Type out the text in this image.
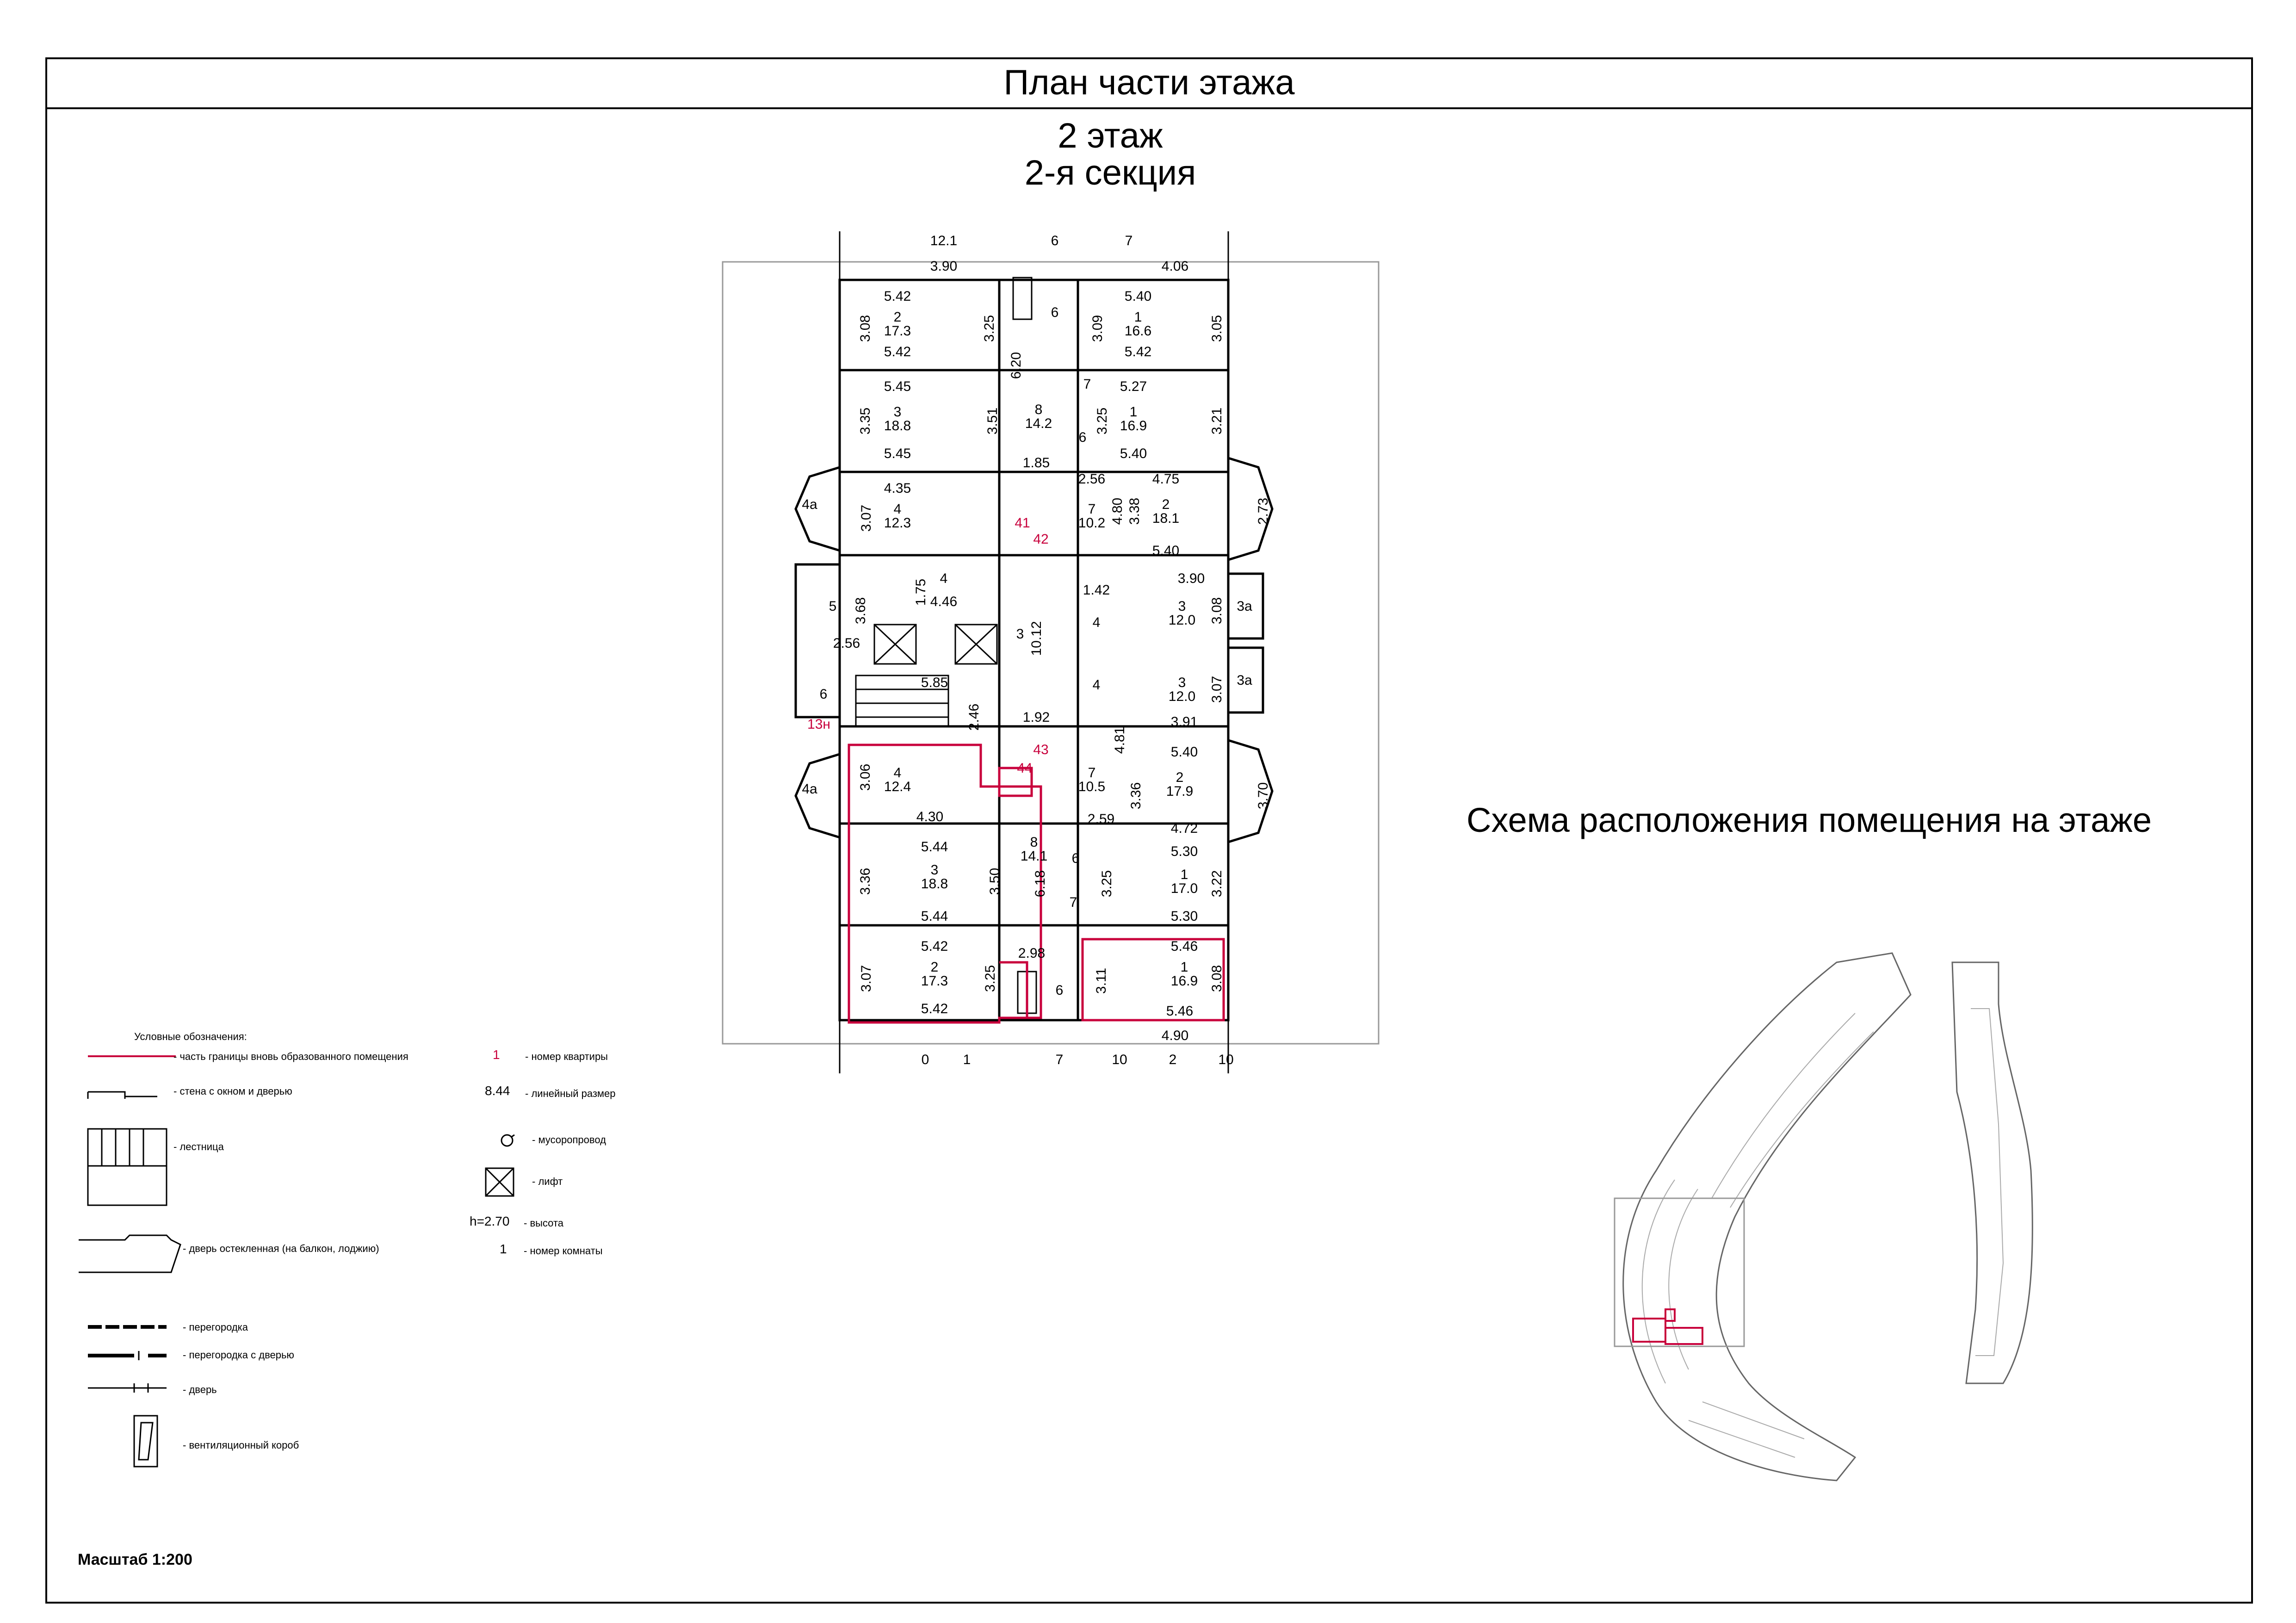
План части этажа
2 этаж
2-я секция
12.1	6	7
3.90	4.06
5.42
2
17.3
5.42
5.40
1
16.6
5.42
5.45
3
18.8
5.45
8
14.2
1.85
5.27
1
16.9
5.40
4.35
4
12.3
2.56
7
10.2
4.75
2
18.1
5.40
4
4.46
3
5
2.56
3.90
3
12.0
1.42
4
4	3
12.0
3.91
5.85
1.92
6
4
12.4
4.30
7
10.5
2.59
5.40
2
17.9
4.72
5.44
3
18.8
5.44
8
14.1	5.30
1
17.0
5.30
5.42
2
17.3
5.42
2.98
6
5.46
1
16.9
5.46
4.90
0 1	7	10	2	10
6
7
6
6
7
4a
4a
3a
3a
41
42
43
44
13н
3.08	3.25	3.09	3.05
6.20
3.35	3.51	3.25	3.21
3.07	4.80 3.38	2.73
1.75
3.68
10.12
3.08
3.07
2.46
4.81
3.06
3.36	3.70
3.36	3.50 6.18	3.25	3.22
3.07	3.25	3.11	3.08
Схема расположения помещения на этаже
Условные обозначения:
- часть границы вновь образованного помещения
- стена с окном и дверью
- лестница
- дверь остекленная (на балкон, лоджию)
- перегородка
- перегородка с дверью
- дверь
- вентиляционный короб
1 - номер квартиры
8.44 - линейный размер
- мусоропровод
- лифт
h=2.70 - высота
1 - номер комнаты
Масштаб 1:200
